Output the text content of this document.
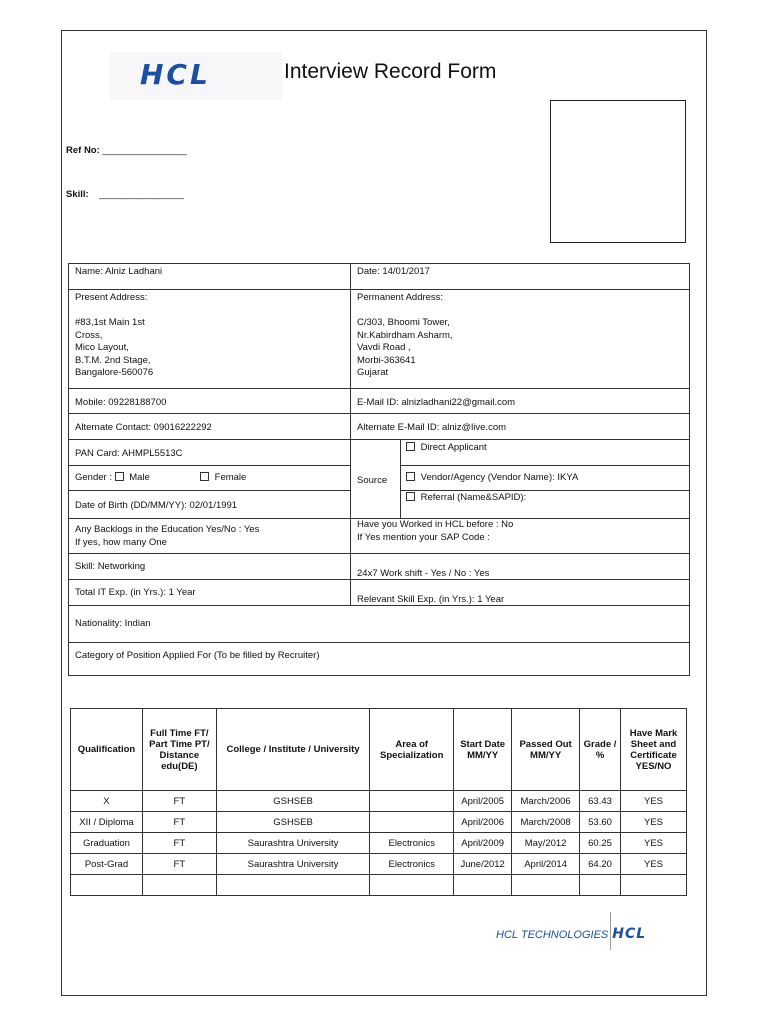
HCL	Interview Record Form
Ref No: ________________
Skill: ________________
Name: Alniz Ladhani	Date: 14/01/2017
Present Address:

#83,1st Main 1st
Cross,
Mico Layout,
B.T.M. 2nd Stage,
Bangalore-560076
Permanent Address:

C/303, Bhoomi Tower,
Nr.Kabirdham Asharm,
Vavdi Road ,
Morbi-363641
Gujarat
Mobile: 09228188700	E-Mail ID: alnizladhani22@gmail.com
Alternate Contact: 09016222292	Alternate E-Mail ID: alniz@live.com
PAN Card: AHMPL5513C
Gender : Male	Female
Date of Birth (DD/MM/YY): 02/01/1991
Source
Direct Applicant
Vendor/Agency (Vendor Name): IKYA
Referral (Name&SAPID):
Any Backlogs in the Education Yes/No : Yes
If yes, how many One
Have you Worked in HCL before : No
If Yes mention your SAP Code :
Skill: Networking
24x7 Work shift - Yes / No : Yes
Total IT Exp. (in Yrs.): 1 Year
Relevant Skill Exp. (in Yrs.): 1 Year
Nationality: Indian
Category of Position Applied For (To be filled by Recruiter)
Qualification	Full Time FT/ Part Time PT/ Distance edu(DE)	College / Institute / University	Area of Specialization	Start Date MM/YY	Passed Out MM/YY	Grade / %	Have Mark Sheet and Certificate YES/NO
X	FT	GSHSEB		April/2005	March/2006	63.43	YES
XII / Diploma	FT	GSHSEB		April/2006	March/2008	53.60	YES
Graduation	FT	Saurashtra University	Electronics	April/2009	May/2012	60.25	YES
Post-Grad	FT	Saurashtra University	Electronics	June/2012	April/2014	64.20	YES

HCL TECHNOLOGIES HCL
